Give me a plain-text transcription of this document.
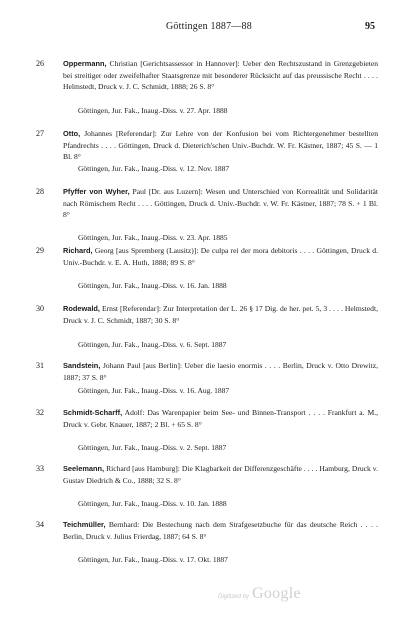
Göttingen 1887—88	95
26	Oppermann, Christian [Gerichtsassessor in Hannover]: Ueber den Rechtszustand in Grenzgebieten bei streitiger oder zweifelhafter Staatsgrenze mit besonderer Rücksicht auf das preussische Recht . . . . Helmstedt, Druck v. J. C. Schmidt, 1888; 26 S. 8°
Göttingen, Jur. Fak., Inaug.-Diss. v. 27. Apr. 1888
27	Otto, Johannes [Referendar]: Zur Lehre von der Konfusion bei vom Richtergenehmer bestellten Pfandrechts . . . . Göttingen, Druck d. Dieterich'schen Univ.-Buchdr. W. Fr. Kästner, 1887; 45 S. — 1 Bl. 8°
Göttingen, Jur. Fak., Inaug.-Diss. v. 12. Nov. 1887
28	Pfyffer von Wyher, Paul [Dr. aus Luzern]: Wesen und Unterschied von Korrealität und Solidarität nach Römischem Recht . . . . Göttingen, Druck d. Univ.-Buchdr. v. W. Fr. Kästner, 1887; 78 S. + 1 Bl. 8°
Göttingen, Jur. Fak., Inaug.-Diss. v. 23. Apr. 1885
29	Richard, Georg [aus Spremberg (Lausitz)]: De culpa rei der mora debitoris . . . . Göttingen, Druck d. Univ.-Buchdr. v. E. A. Huth, 1888; 89 S. 8°
Göttingen, Jur. Fak., Inaug.-Diss. v. 16. Jan. 1888
30	Rodewald, Ernst [Referendar]: Zur Interpretation der L. 26 § 17 Dig. de her. pet. 5, 3 . . . . Helmstedt, Druck v. J. C. Schmidt, 1887; 30 S. 8°
Göttingen, Jur. Fak., Inaug.-Diss. v. 6. Sept. 1887
31	Sandstein, Johann Paul [aus Berlin]: Ueber die laesio enormis . . . . Berlin, Druck v. Otto Drewitz, 1887; 37 S. 8°
Göttingen, Jur. Fak., Inaug.-Diss. v. 16. Aug. 1887
32	Schmidt-Scharff, Adolf: Das Warenpapier beim See- und Binnen-Transport . . . . Frankfurt a. M., Druck v. Gebr. Knauer, 1887; 2 Bl. + 65 S. 8°
Göttingen, Jur. Fak., Inaug.-Diss. v. 2. Sept. 1887
33	Seelemann, Richard [aus Hamburg]: Die Klagbarkeit der Differenzgeschäfte . . . . Hamburg, Druck v. Gustav Diedrich & Co., 1888; 32 S. 8°
Göttingen, Jur. Fak., Inaug.-Diss. v. 10. Jan. 1888
34	Teichmüller, Bernhard: Die Bestechung nach dem Strafgesetzbuche für das deutsche Reich . . . . Berlin, Druck v. Julius Frierdag, 1887; 64 S. 8°
Göttingen, Jur. Fak., Inaug.-Diss. v. 17. Okt. 1887
Digitized by Google
